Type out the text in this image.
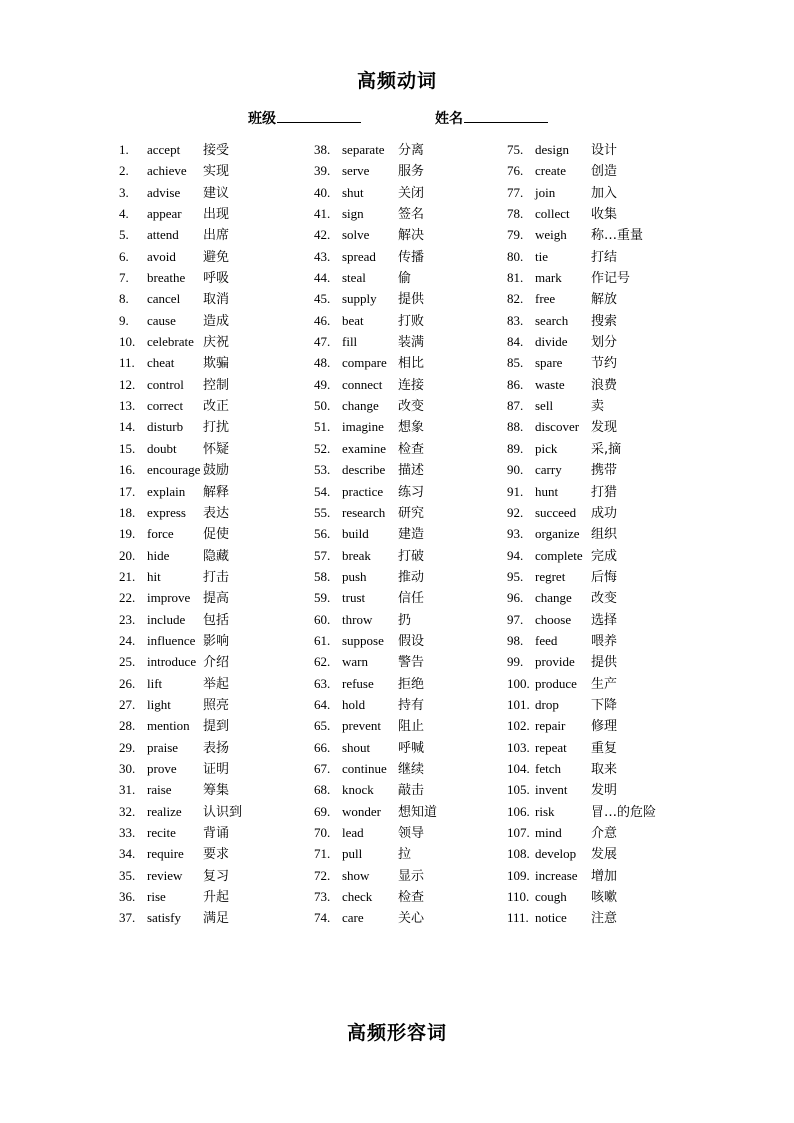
高频动词
班级	姓名
1. accept 接受
2. achieve 实现
3. advise 建议
4. appear 出现
5. attend 出席
6. avoid 避免
7. breathe 呼吸
8. cancel 取消
9. cause 造成
10. celebrate 庆祝
11. cheat 欺骗
12. control 控制
13. correct 改正
14. disturb 打扰
15. doubt 怀疑
16. encourage 鼓励
17. explain 解释
18. express 表达
19. force 促使
20. hide	隐藏
21. hit	打击
22. improve 提高
23. include 包括
24. influence 影响
25. introduce 介绍
26. lift	举起
27. light 照亮
28. mention 提到
29. praise 表扬
30. prove 证明
31. raise 筹集
32. realize 认识到
33. recite 背诵
34. require 要求
35. review 复习
36. rise	升起
37. satisfy 满足
38. separate 分离
39. serve 服务
40. shut	关闭
41. sign	签名
42. solve 解决
43. spread 传播
44. steal 偷
45. supply 提供
46. beat	打败
47. fill	装满
48. compare 相比
49. connect 连接
50. change 改变
51. imagine 想象
52. examine 检查
53. describe 描述
54. practice 练习
55. research 研究
56. build 建造
57. break 打破
58. push 推动
59. trust	信任
60. throw 扔
61. suppose 假设
62. warn 警告
63. refuse 拒绝
64. hold	持有
65. prevent 阻止
66. shout 呼喊
67. continue 继续
68. knock 敲击
69. wonder 想知道
70. lead	领导
71. pull	拉
72. show 显示
73. check 检查
74. care	关心
75. design 设计
76. create 创造
77. join	加入
78. collect 收集
79. weigh 称…重量
80. tie	打结
81. mark 作记号
82. free	解放
83. search 搜索
84. divide 划分
85. spare 节约
86. waste 浪费
87. sell	卖
88. discover 发现
89. pick	采,摘
90. carry 携带
91. hunt	打猎
92. succeed 成功
93. organize 组织
94. complete 完成
95. regret 后悔
96. change 改变
97. choose 选择
98. feed	喂养
99. provide 提供
100. produce 生产
101. drop 下降
102. repair 修理
103. repeat 重复
104. fetch 取来
105. invent 发明
106. risk	冒…的危险
107. mind 介意
108. develop 发展
109. increase 增加
110. cough 咳嗽
111. notice 注意
高频形容词
